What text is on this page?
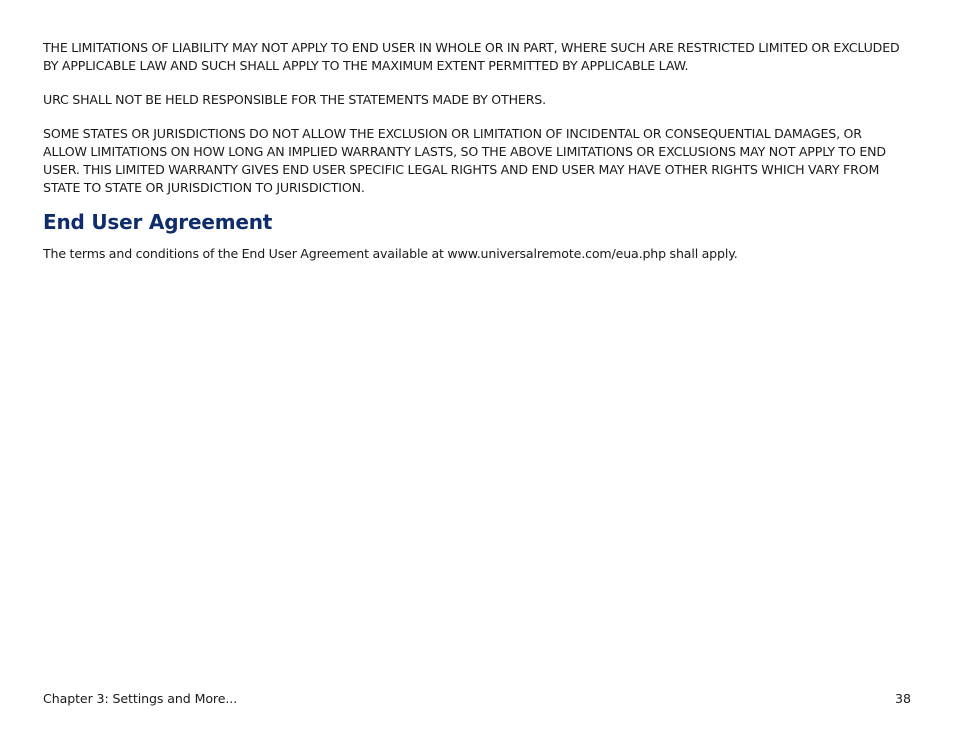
THE LIMITATIONS OF LIABILITY MAY NOT APPLY TO END USER IN WHOLE OR IN PART, WHERE SUCH ARE RESTRICTED LIMITED OR EXCLUDED BY APPLICABLE LAW AND SUCH SHALL APPLY TO THE MAXIMUM EXTENT PERMITTED BY APPLICABLE LAW.

URC SHALL NOT BE HELD RESPONSIBLE FOR THE STATEMENTS MADE BY OTHERS.

SOME STATES OR JURISDICTIONS DO NOT ALLOW THE EXCLUSION OR LIMITATION OF INCIDENTAL OR CONSEQUENTIAL DAMAGES, OR ALLOW LIMITATIONS ON HOW LONG AN IMPLIED WARRANTY LASTS, SO THE ABOVE LIMITATIONS OR EXCLUSIONS MAY NOT APPLY TO END USER. THIS LIMITED WARRANTY GIVES END USER SPECIFIC LEGAL RIGHTS AND END USER MAY HAVE OTHER RIGHTS WHICH VARY FROM STATE TO STATE OR JURISDICTION TO JURISDICTION.

End User Agreement

The terms and conditions of the End User Agreement available at www.universalremote.com/eua.php shall apply.

Chapter 3: Settings and More...	38
